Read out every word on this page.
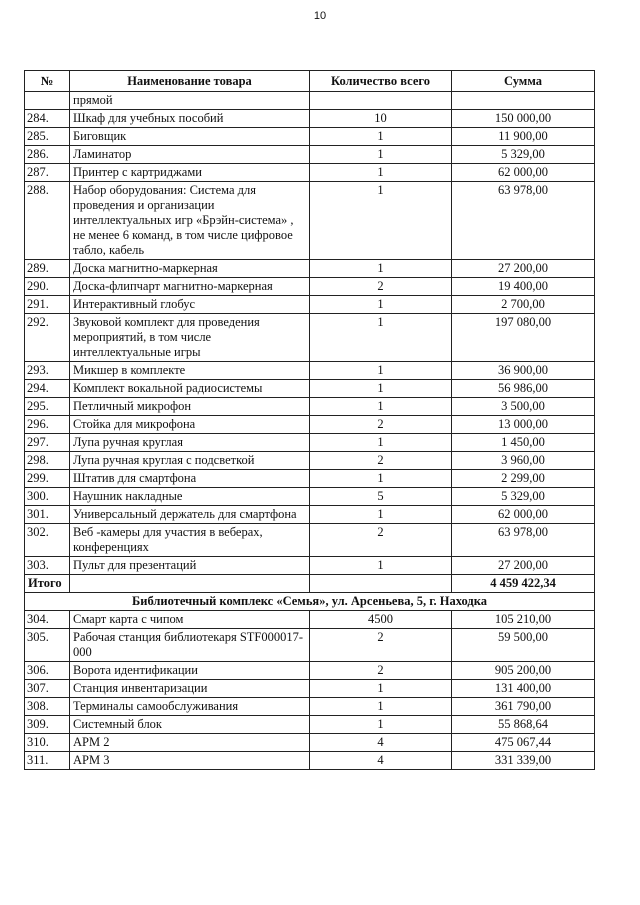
10
№	Наименование товара	Количество всего	Сумма
	прямой		
284.	Шкаф для учебных пособий	10	150 000,00
285.	Биговщик	1	11 900,00
286.	Ламинатор	1	5 329,00
287.	Принтер с картриджами	1	62 000,00
288.	Набор оборудования: Система для проведения и организации интеллектуальных игр «Брэйн-система» , не менее 6 команд, в том числе цифровое табло, кабель	1	63 978,00
289.	Доска магнитно-маркерная	1	27 200,00
290.	Доска-флипчарт магнитно-маркерная	2	19 400,00
291.	Интерактивный глобус	1	2 700,00
292.	Звуковой комплект для проведения мероприятий, в том числе интеллектуальные игры	1	197 080,00
293.	Микшер в комплекте	1	36 900,00
294.	Комплект вокальной радиосистемы	1	56 986,00
295.	Петличный микрофон	1	3 500,00
296.	Стойка для микрофона	2	13 000,00
297.	Лупа ручная круглая	1	1 450,00
298.	Лупа ручная круглая с подсветкой	2	3 960,00
299.	Штатив для смартфона	1	2 299,00
300.	Наушник накладные	5	5 329,00
301.	Универсальный держатель для смартфона	1	62 000,00
302.	Веб -камеры для участия в веберах, конференциях	2	63 978,00
303.	Пульт для презентаций	1	27 200,00
Итого			4 459 422,34
Библиотечный комплекс «Семья», ул. Арсеньева, 5, г. Находка			
304.	Смарт карта с чипом	4500	105 210,00
305.	Рабочая станция библиотекаря STF000017-000	2	59 500,00
306.	Ворота идентификации	2	905 200,00
307.	Станция инвентаризации	1	131 400,00
308.	Терминалы самообслуживания	1	361 790,00
309.	Системный блок	1	55 868,64
310.	АРМ 2	4	475 067,44
311.	АРМ 3	4	331 339,00
